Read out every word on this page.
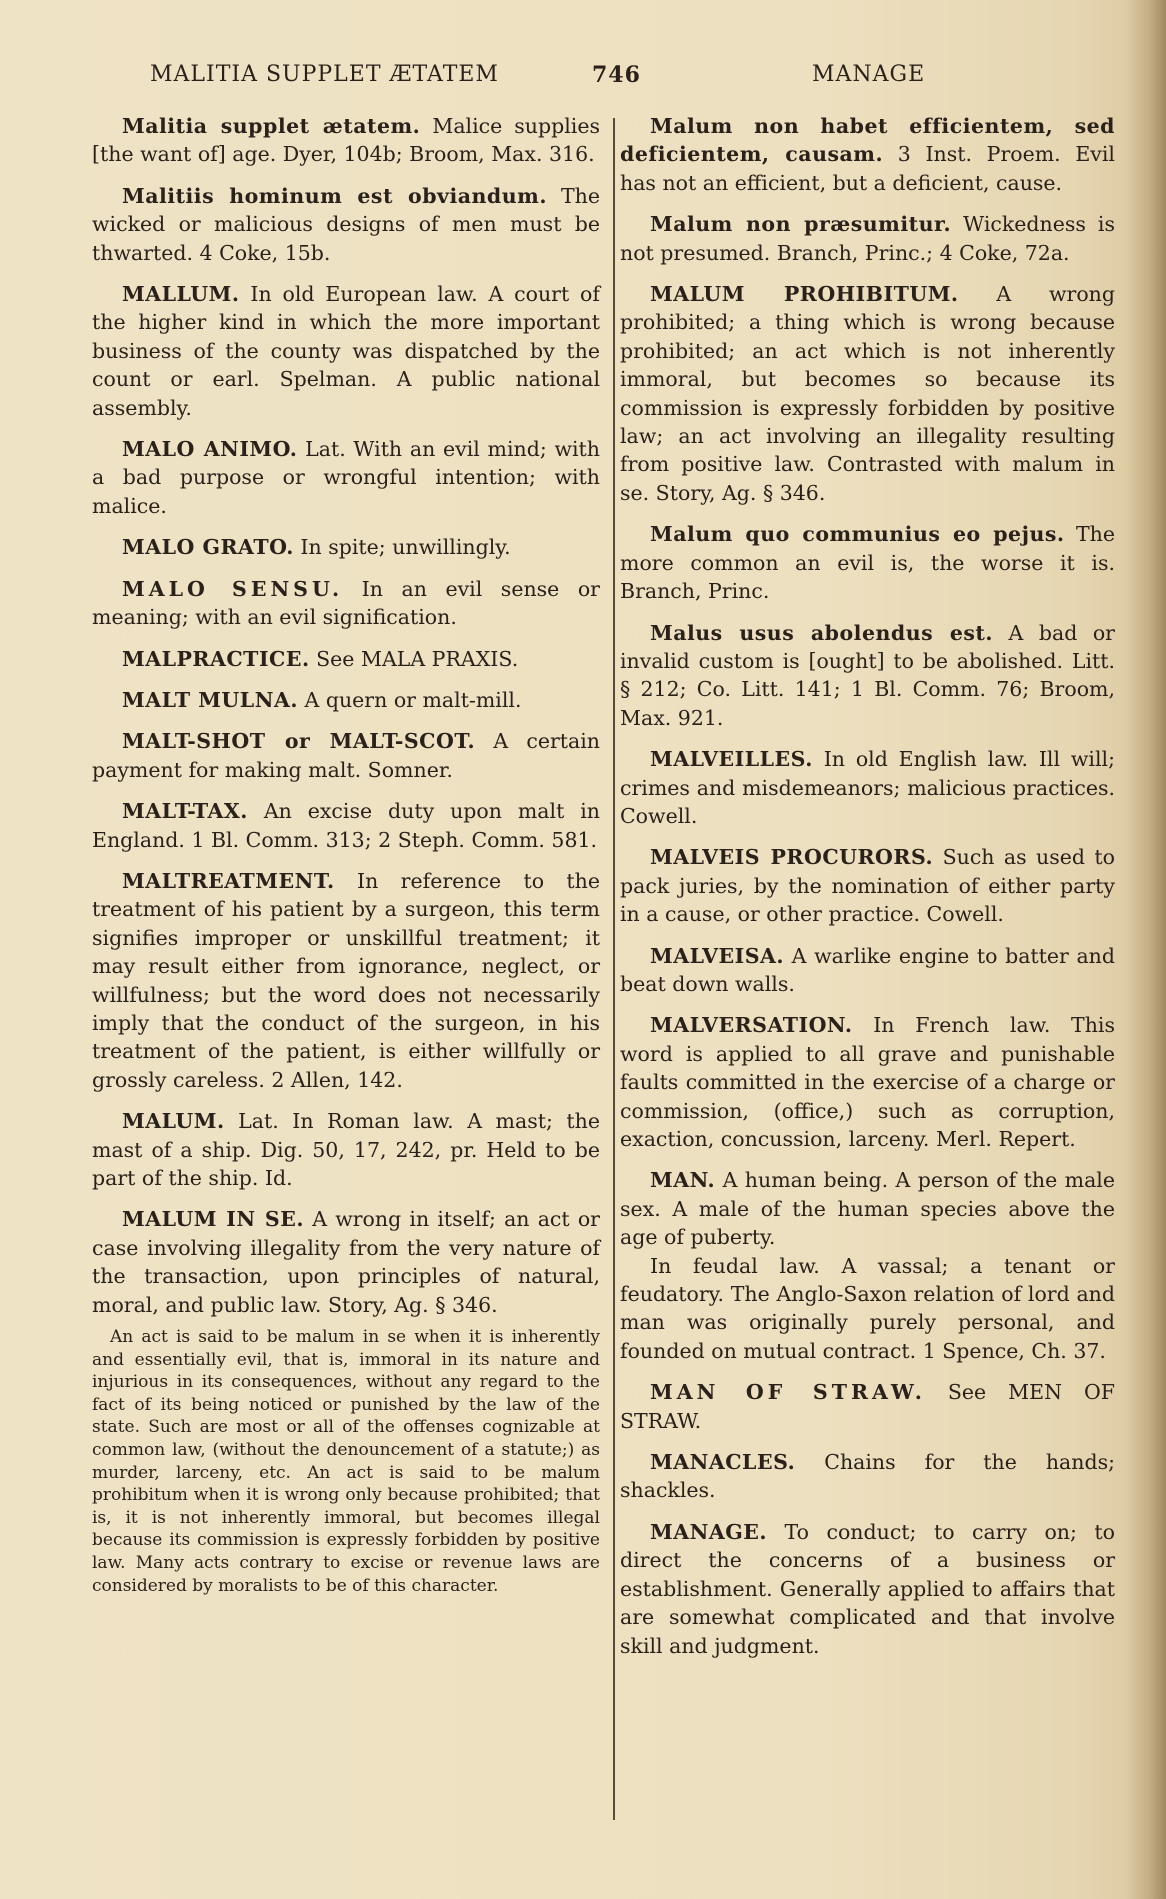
MALITIA SUPPLET ÆTATEM	746	MANAGE

Malitia supplet ætatem. Malice supplies [the want of] age. Dyer, 104b; Broom, Max. 316.

Malitiis hominum est obviandum. The wicked or malicious designs of men must be thwarted. 4 Coke, 15b.

MALLUM. In old European law. A court of the higher kind in which the more important business of the county was dispatched by the count or earl. Spelman. A public national assembly.

MALO ANIMO. Lat. With an evil mind; with a bad purpose or wrongful intention; with malice.

MALO GRATO. In spite; unwillingly.

MALO SENSU. In an evil sense or meaning; with an evil signification.

MALPRACTICE. See MALA PRAXIS.

MALT MULNA. A quern or malt-mill.

MALT-SHOT or MALT-SCOT. A certain payment for making malt. Somner.

MALT-TAX. An excise duty upon malt in England. 1 Bl. Comm. 313; 2 Steph. Comm. 581.

MALTREATMENT. In reference to the treatment of his patient by a surgeon, this term signifies improper or unskillful treatment; it may result either from ignorance, neglect, or willfulness; but the word does not necessarily imply that the conduct of the surgeon, in his treatment of the patient, is either willfully or grossly careless. 2 Allen, 142.

MALUM. Lat. In Roman law. A mast; the mast of a ship. Dig. 50, 17, 242, pr. Held to be part of the ship. Id.

MALUM IN SE. A wrong in itself; an act or case involving illegality from the very nature of the transaction, upon principles of natural, moral, and public law. Story, Ag. § 346.

An act is said to be malum in se when it is inherently and essentially evil, that is, immoral in its nature and injurious in its consequences, without any regard to the fact of its being noticed or punished by the law of the state. Such are most or all of the offenses cognizable at common law, (without the denouncement of a statute;) as murder, larceny, etc. An act is said to be malum prohibitum when it is wrong only because prohibited; that is, it is not inherently immoral, but becomes illegal because its commission is expressly forbidden by positive law. Many acts contrary to excise or revenue laws are considered by moralists to be of this character.

Malum non habet efficientem, sed deficientem, causam. 3 Inst. Proem. Evil has not an efficient, but a deficient, cause.

Malum non præsumitur. Wickedness is not presumed. Branch, Princ.; 4 Coke, 72a.

MALUM PROHIBITUM. A wrong prohibited; a thing which is wrong because prohibited; an act which is not inherently immoral, but becomes so because its commission is expressly forbidden by positive law; an act involving an illegality resulting from positive law. Contrasted with malum in se. Story, Ag. § 346.

Malum quo communius eo pejus. The more common an evil is, the worse it is. Branch, Princ.

Malus usus abolendus est. A bad or invalid custom is [ought] to be abolished. Litt. § 212; Co. Litt. 141; 1 Bl. Comm. 76; Broom, Max. 921.

MALVEILLES. In old English law. Ill will; crimes and misdemeanors; malicious practices. Cowell.

MALVEIS PROCURORS. Such as used to pack juries, by the nomination of either party in a cause, or other practice. Cowell.

MALVEISA. A warlike engine to batter and beat down walls.

MALVERSATION. In French law. This word is applied to all grave and punishable faults committed in the exercise of a charge or commission, (office,) such as corruption, exaction, concussion, larceny. Merl. Repert.

MAN. A human being. A person of the male sex. A male of the human species above the age of puberty.

In feudal law. A vassal; a tenant or feudatory. The Anglo-Saxon relation of lord and man was originally purely personal, and founded on mutual contract. 1 Spence, Ch. 37.

MAN OF STRAW. See MEN OF STRAW.

MANACLES. Chains for the hands; shackles.

MANAGE. To conduct; to carry on; to direct the concerns of a business or establishment. Generally applied to affairs that are somewhat complicated and that involve skill and judgment.
